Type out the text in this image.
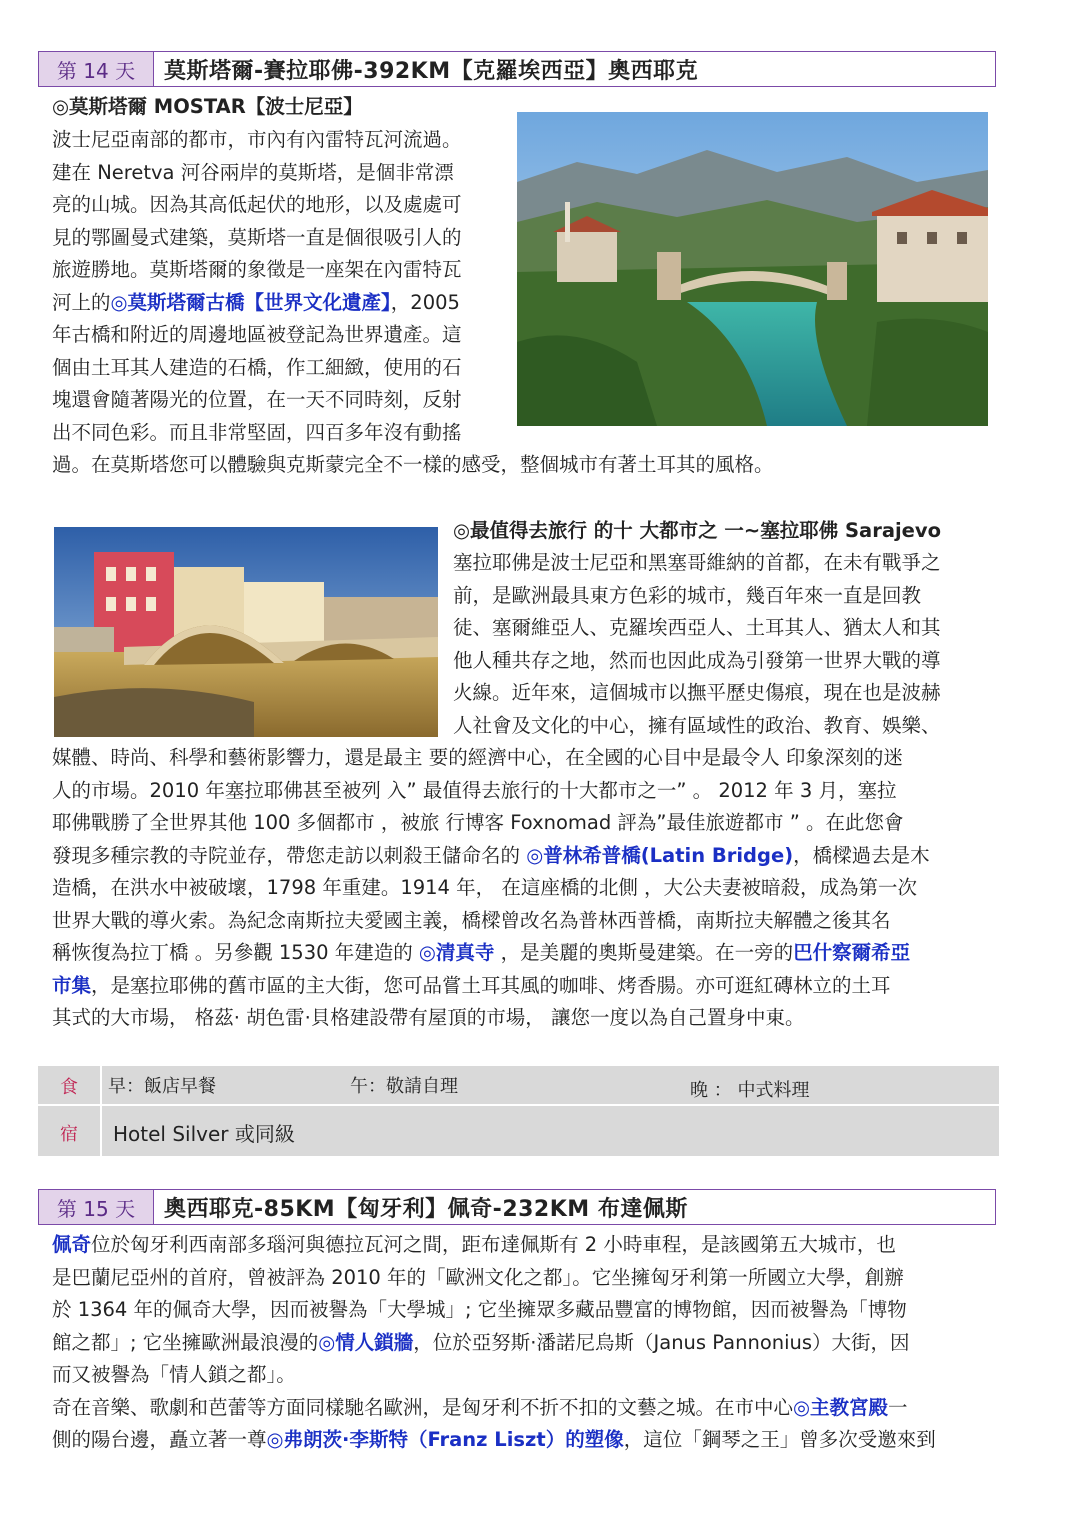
第 14 天	莫斯塔爾-賽拉耶佛-392KM【克羅埃西亞】奧西耶克
◎莫斯塔爾 MOSTAR【波士尼亞】

波士尼亞南部的都市，市內有內雷特瓦河流過。

建在 Neretva 河谷兩岸的莫斯塔，是個非常漂

亮的山城。因為其高低起伏的地形，以及處處可

見的鄂圖曼式建築，莫斯塔一直是個很吸引人的

旅遊勝地。莫斯塔爾的象徵是一座架在內雷特瓦

河上的◎莫斯塔爾古橋【世界文化遺產】，2005

年古橋和附近的周邊地區被登記為世界遺產。這

個由土耳其人建造的石橋，作工細緻，使用的石

塊還會隨著陽光的位置，在一天不同時刻，反射

出不同色彩。而且非常堅固，四百多年沒有動搖

過。在莫斯塔您可以體驗與克斯蒙完全不一樣的感受，整個城市有著土耳其的風格。
◎最值得去旅行 的十 大都市之 一~塞拉耶佛 Sarajevo

塞拉耶佛是波士尼亞和黑塞哥維納的首都，在未有戰爭之

前，是歐洲最具東方色彩的城市，幾百年來一直是回教

徒、塞爾維亞人、克羅埃西亞人、土耳其人、猶太人和其

他人種共存之地，然而也因此成為引發第一世界大戰的導

火線。近年來，這個城市以撫平歷史傷痕，現在也是波赫

人社會及文化的中心，擁有區域性的政治、教育、娛樂、

媒體、時尚、科學和藝術影響力，還是最主 要的經濟中心，在全國的心目中是最令人 印象深刻的迷

人的市場。2010 年塞拉耶佛甚至被列 入” 最值得去旅行的十大都市之一” 。 2012 年 3 月，塞拉

耶佛戰勝了全世界其他 100 多個都市 ，被旅 行博客 Foxnomad 評為”最佳旅遊都市 ” 。在此您會

發現多種宗教的寺院並存，帶您走訪以刺殺王儲命名的 ◎普林希普橋(Latin Bridge)，橋樑過去是木

造橋，在洪水中被破壞，1798 年重建。1914 年， 在這座橋的北側 ，大公夫妻被暗殺，成為第一次

世界大戰的導火索。為紀念南斯拉夫愛國主義，橋樑曾改名為普林西普橋，南斯拉夫解體之後其名

稱恢復為拉丁橋 。另參觀 1530 年建造的 ◎清真寺 ，是美麗的奧斯曼建築。在一旁的巴什察爾希亞

市集，是塞拉耶佛的舊市區的主大街，您可品嘗土耳其風的咖啡、烤香腸。亦可逛紅磚林立的土耳

其式的大市場， 格茲· 胡色雷·貝格建設帶有屋頂的市場， 讓您一度以為自己置身中東。

食	早：飯店早餐	午：敬請自理	晚 ： 中式料理
宿	Hotel Silver 或同級
第 15 天	奧西耶克-85KM【匈牙利】佩奇-232KM 布達佩斯

佩奇位於匈牙利西南部多瑙河與德拉瓦河之間，距布達佩斯有 2 小時車程，是該國第五大城市，也

是巴蘭尼亞州的首府，曾被評為 2010 年的「歐洲文化之都」。它坐擁匈牙利第一所國立大學，創辦

於 1364 年的佩奇大學，因而被譽為「大學城」; 它坐擁眾多藏品豐富的博物館，因而被譽為「博物

館之都」; 它坐擁歐洲最浪漫的◎情人鎖牆，位於亞努斯·潘諾尼烏斯（Janus Pannonius）大街，因

而又被譽為「情人鎖之都」。

奇在音樂、歌劇和芭蕾等方面同樣馳名歐洲，是匈牙利不折不扣的文藝之城。在市中心◎主教宮殿一

側的陽台邊，矗立著一尊◎弗朗茨·李斯特（Franz Liszt）的塑像，這位「鋼琴之王」曾多次受邀來到
